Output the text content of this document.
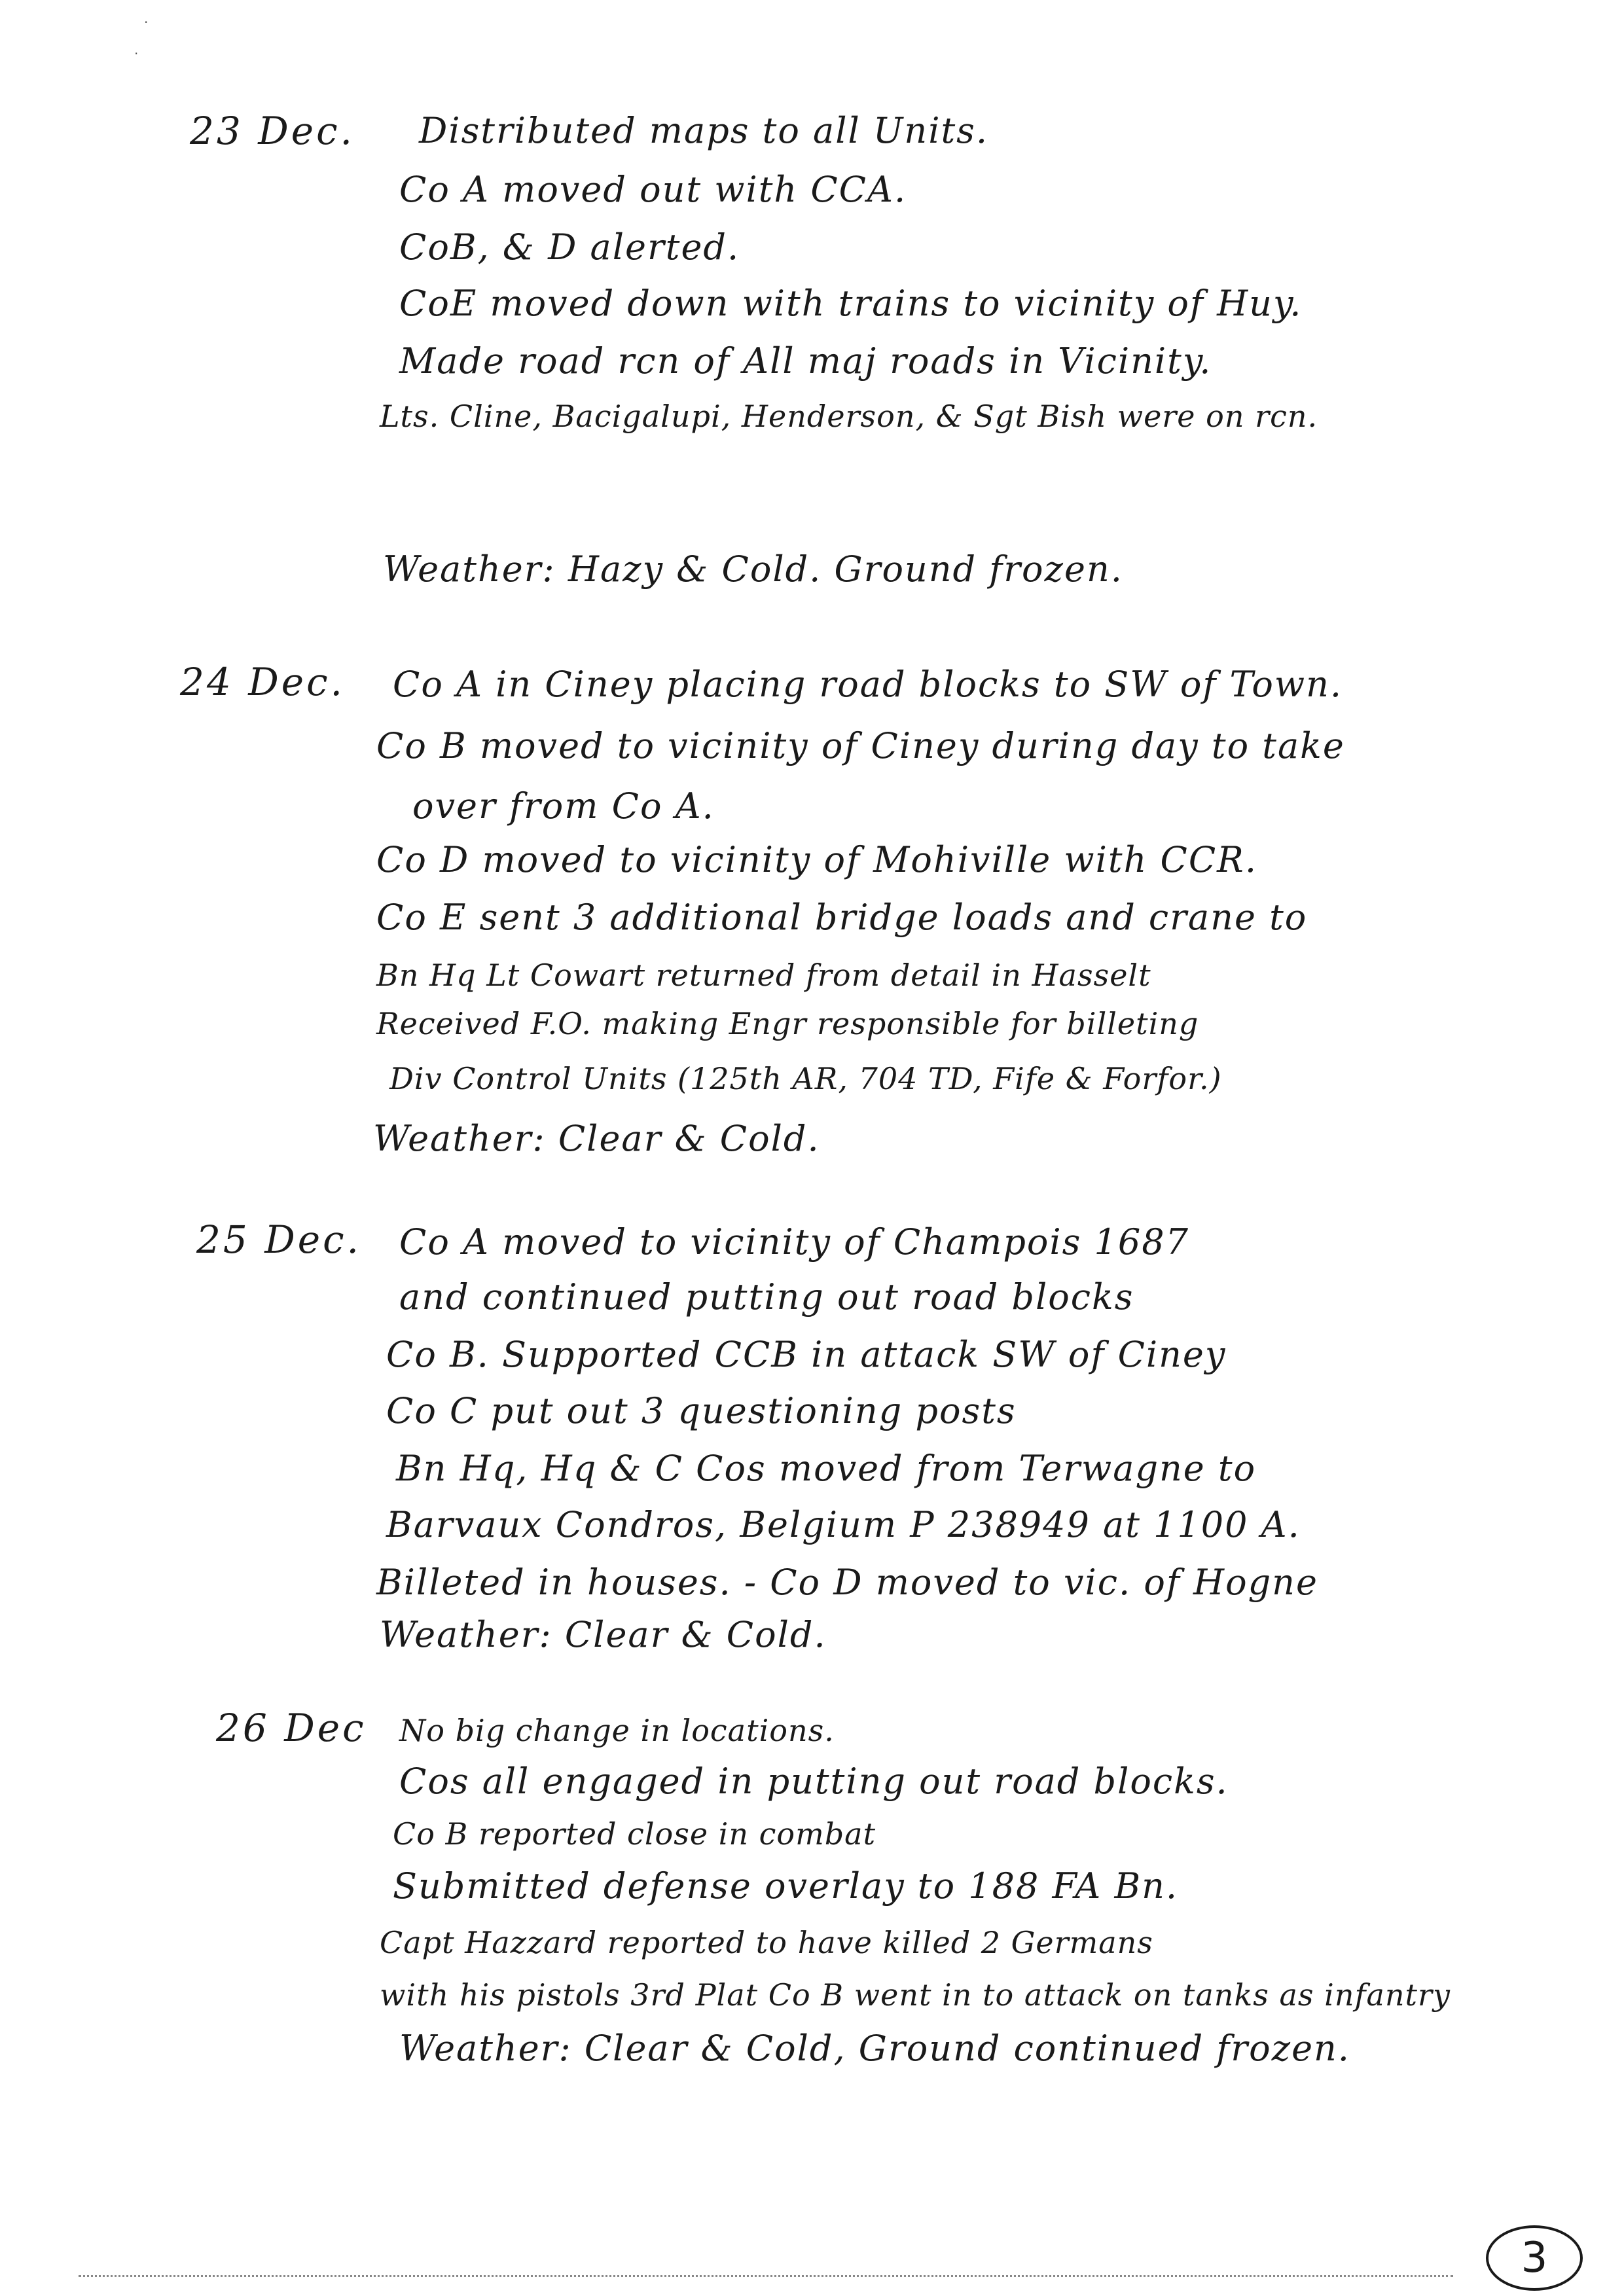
23 Dec. Distributed maps to all Units.
Co A moved out with CCA.
CoB, & D alerted.
CoE moved down with trains to vicinity of Huy.
Made road rcn of All maj roads in Vicinity.
Lts. Cline, Bacigalupi, Henderson, & Sgt Bish were on rcn.
Weather: Hazy & Cold. Ground frozen.
24 Dec. Co A in Ciney placing road blocks to SW of Town.
Co B moved to vicinity of Ciney during day to take
over from Co A.
Co D moved to vicinity of Mohiville with CCR.
Co E sent 3 additional bridge loads and crane to
Bn Hq Lt Cowart returned from detail in Hasselt
Received F.O. making Engr responsible for billeting
Div Control Units (125th AR, 704 TD, Fife & Forfor.)
Weather: Clear & Cold.
25 Dec. Co A moved to vicinity of Champois 1687
and continued putting out road blocks
Co B. Supported CCB in attack SW of Ciney
Co C put out 3 questioning posts
Bn Hq, Hq & C Cos moved from Terwagne to
Barvaux Condros, Belgium P 238949 at 1100 A.
Billeted in houses. - Co D moved to vic. of Hogne
Weather: Clear & Cold.
26 Dec No big change in locations.
Cos all engaged in putting out road blocks.
Co B reported close in combat
Submitted defense overlay to 188 FA Bn.
Capt Hazzard reported to have killed 2 Germans
with his pistols 3rd Plat Co B went in to attack on tanks as infantry
Weather: Clear & Cold, Ground continued frozen.
3
·
·
